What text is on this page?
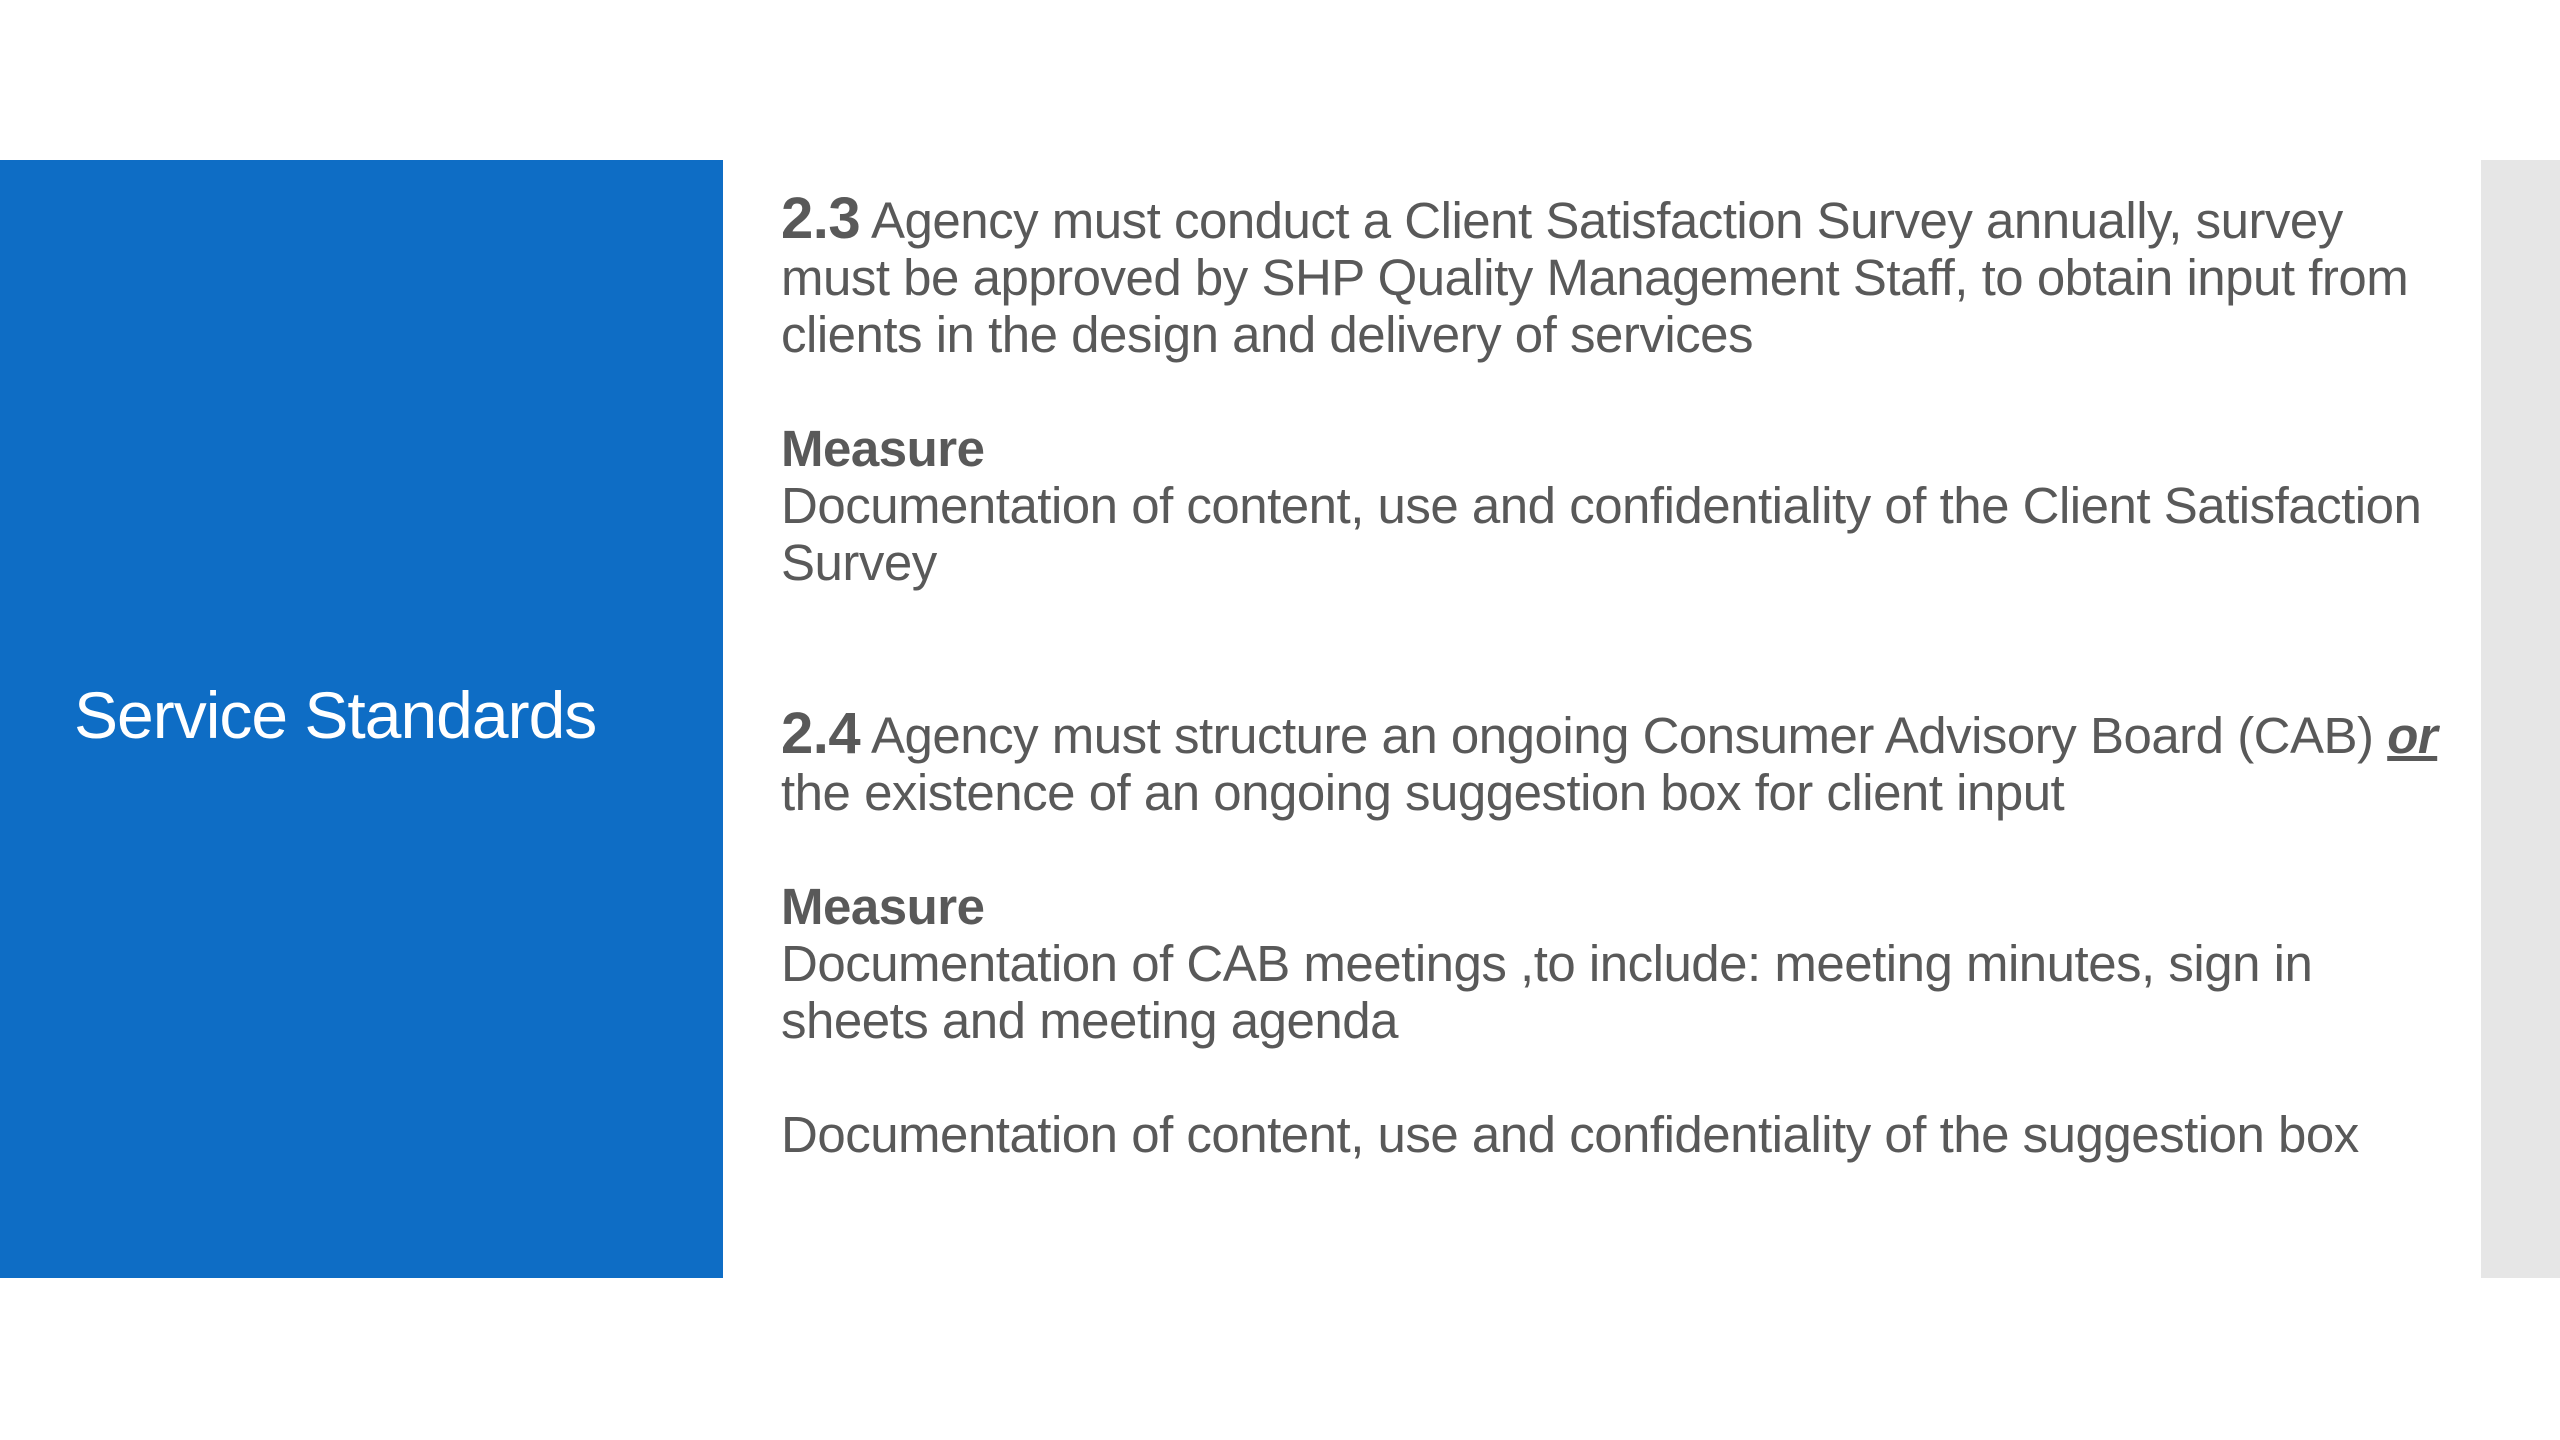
Service Standards

2.3 Agency must conduct a Client Satisfaction Survey annually, survey must be approved by SHP Quality Management Staff, to obtain input from clients in the design and delivery of services

Measure
Documentation of content, use and confidentiality of the Client Satisfaction Survey

2.4 Agency must structure an ongoing Consumer Advisory Board (CAB) or the existence of an ongoing suggestion box for client input

Measure
Documentation of CAB meetings ,to include: meeting minutes, sign in sheets and meeting agenda

Documentation of content, use and confidentiality of the suggestion box
